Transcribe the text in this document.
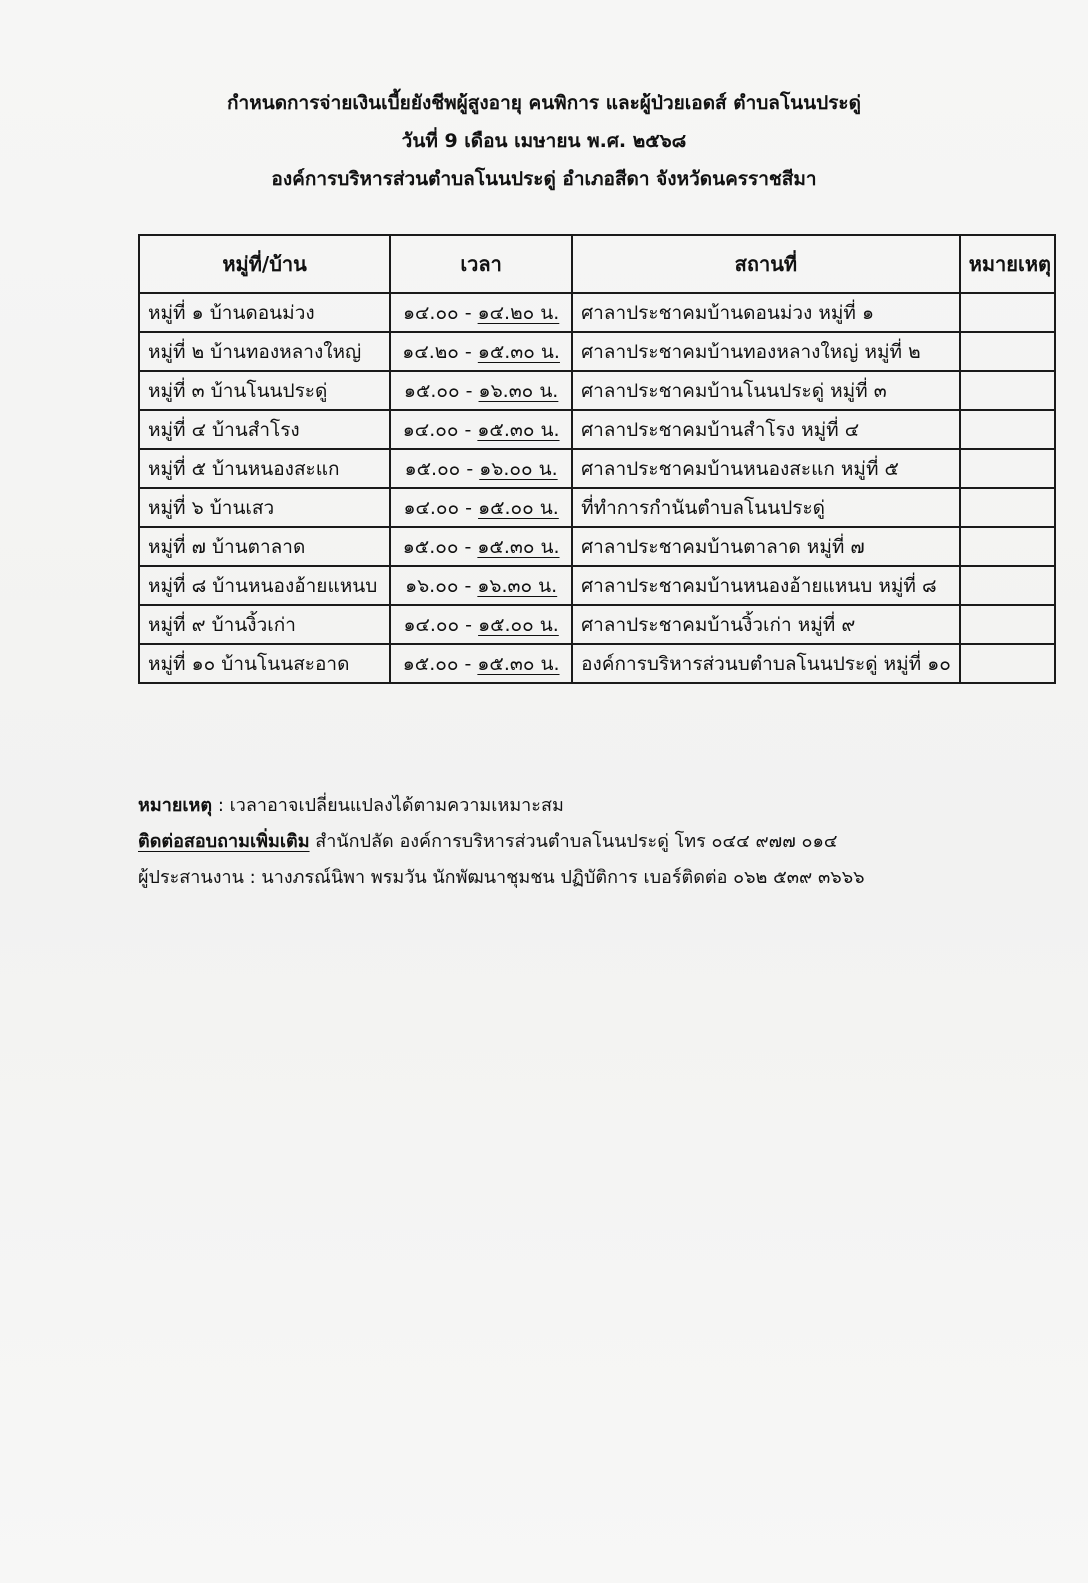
กำหนดการจ่ายเงินเบี้ยยังชีพผู้สูงอายุ คนพิการ และผู้ป่วยเอดส์ ตำบลโนนประดู่
วันที่ 9 เดือน เมษายน พ.ศ. ๒๕๖๘
องค์การบริหารส่วนตำบลโนนประดู่ อำเภอสีดา จังหวัดนครราชสีมา
หมู่ที่/บ้าน	เวลา	สถานที่	หมายเหตุ
หมู่ที่ ๑ บ้านดอนม่วง	๑๔.๐๐ - ๑๔.๒๐ น.	ศาลาประชาคมบ้านดอนม่วง หมู่ที่ ๑	
หมู่ที่ ๒ บ้านทองหลางใหญ่	๑๔.๒๐ - ๑๕.๓๐ น.	ศาลาประชาคมบ้านทองหลางใหญ่ หมู่ที่ ๒	
หมู่ที่ ๓ บ้านโนนประดู่	๑๕.๐๐ - ๑๖.๓๐ น.	ศาลาประชาคมบ้านโนนประดู่ หมู่ที่ ๓	
หมู่ที่ ๔ บ้านสำโรง	๑๔.๐๐ - ๑๕.๓๐ น.	ศาลาประชาคมบ้านสำโรง หมู่ที่ ๔	
หมู่ที่ ๕ บ้านหนองสะแก	๑๕.๐๐ - ๑๖.๐๐ น.	ศาลาประชาคมบ้านหนองสะแก หมู่ที่ ๕	
หมู่ที่ ๖ บ้านเสว	๑๔.๐๐ - ๑๕.๐๐ น.	ที่ทำการกำนันตำบลโนนประดู่	
หมู่ที่ ๗ บ้านตาลาด	๑๕.๐๐ - ๑๕.๓๐ น.	ศาลาประชาคมบ้านตาลาด หมู่ที่ ๗	
หมู่ที่ ๘ บ้านหนองอ้ายแหนบ	๑๖.๐๐ - ๑๖.๓๐ น.	ศาลาประชาคมบ้านหนองอ้ายแหนบ หมู่ที่ ๘	
หมู่ที่ ๙ บ้านงิ้วเก่า	๑๔.๐๐ - ๑๕.๐๐ น.	ศาลาประชาคมบ้านงิ้วเก่า หมู่ที่ ๙	
หมู่ที่ ๑๐ บ้านโนนสะอาด	๑๕.๐๐ - ๑๕.๓๐ น.	องค์การบริหารส่วนบตำบลโนนประดู่ หมู่ที่ ๑๐	
หมายเหตุ : เวลาอาจเปลี่ยนแปลงได้ตามความเหมาะสม
ติดต่อสอบถามเพิ่มเติม สำนักปลัด องค์การบริหารส่วนตำบลโนนประดู่ โทร ๐๔๔ ๙๗๗ ๐๑๔
ผู้ประสานงาน : นางภรณ์นิพา พรมวัน นักพัฒนาชุมชน ปฏิบัติการ เบอร์ติดต่อ ๐๖๒ ๕๓๙ ๓๖๖๖
